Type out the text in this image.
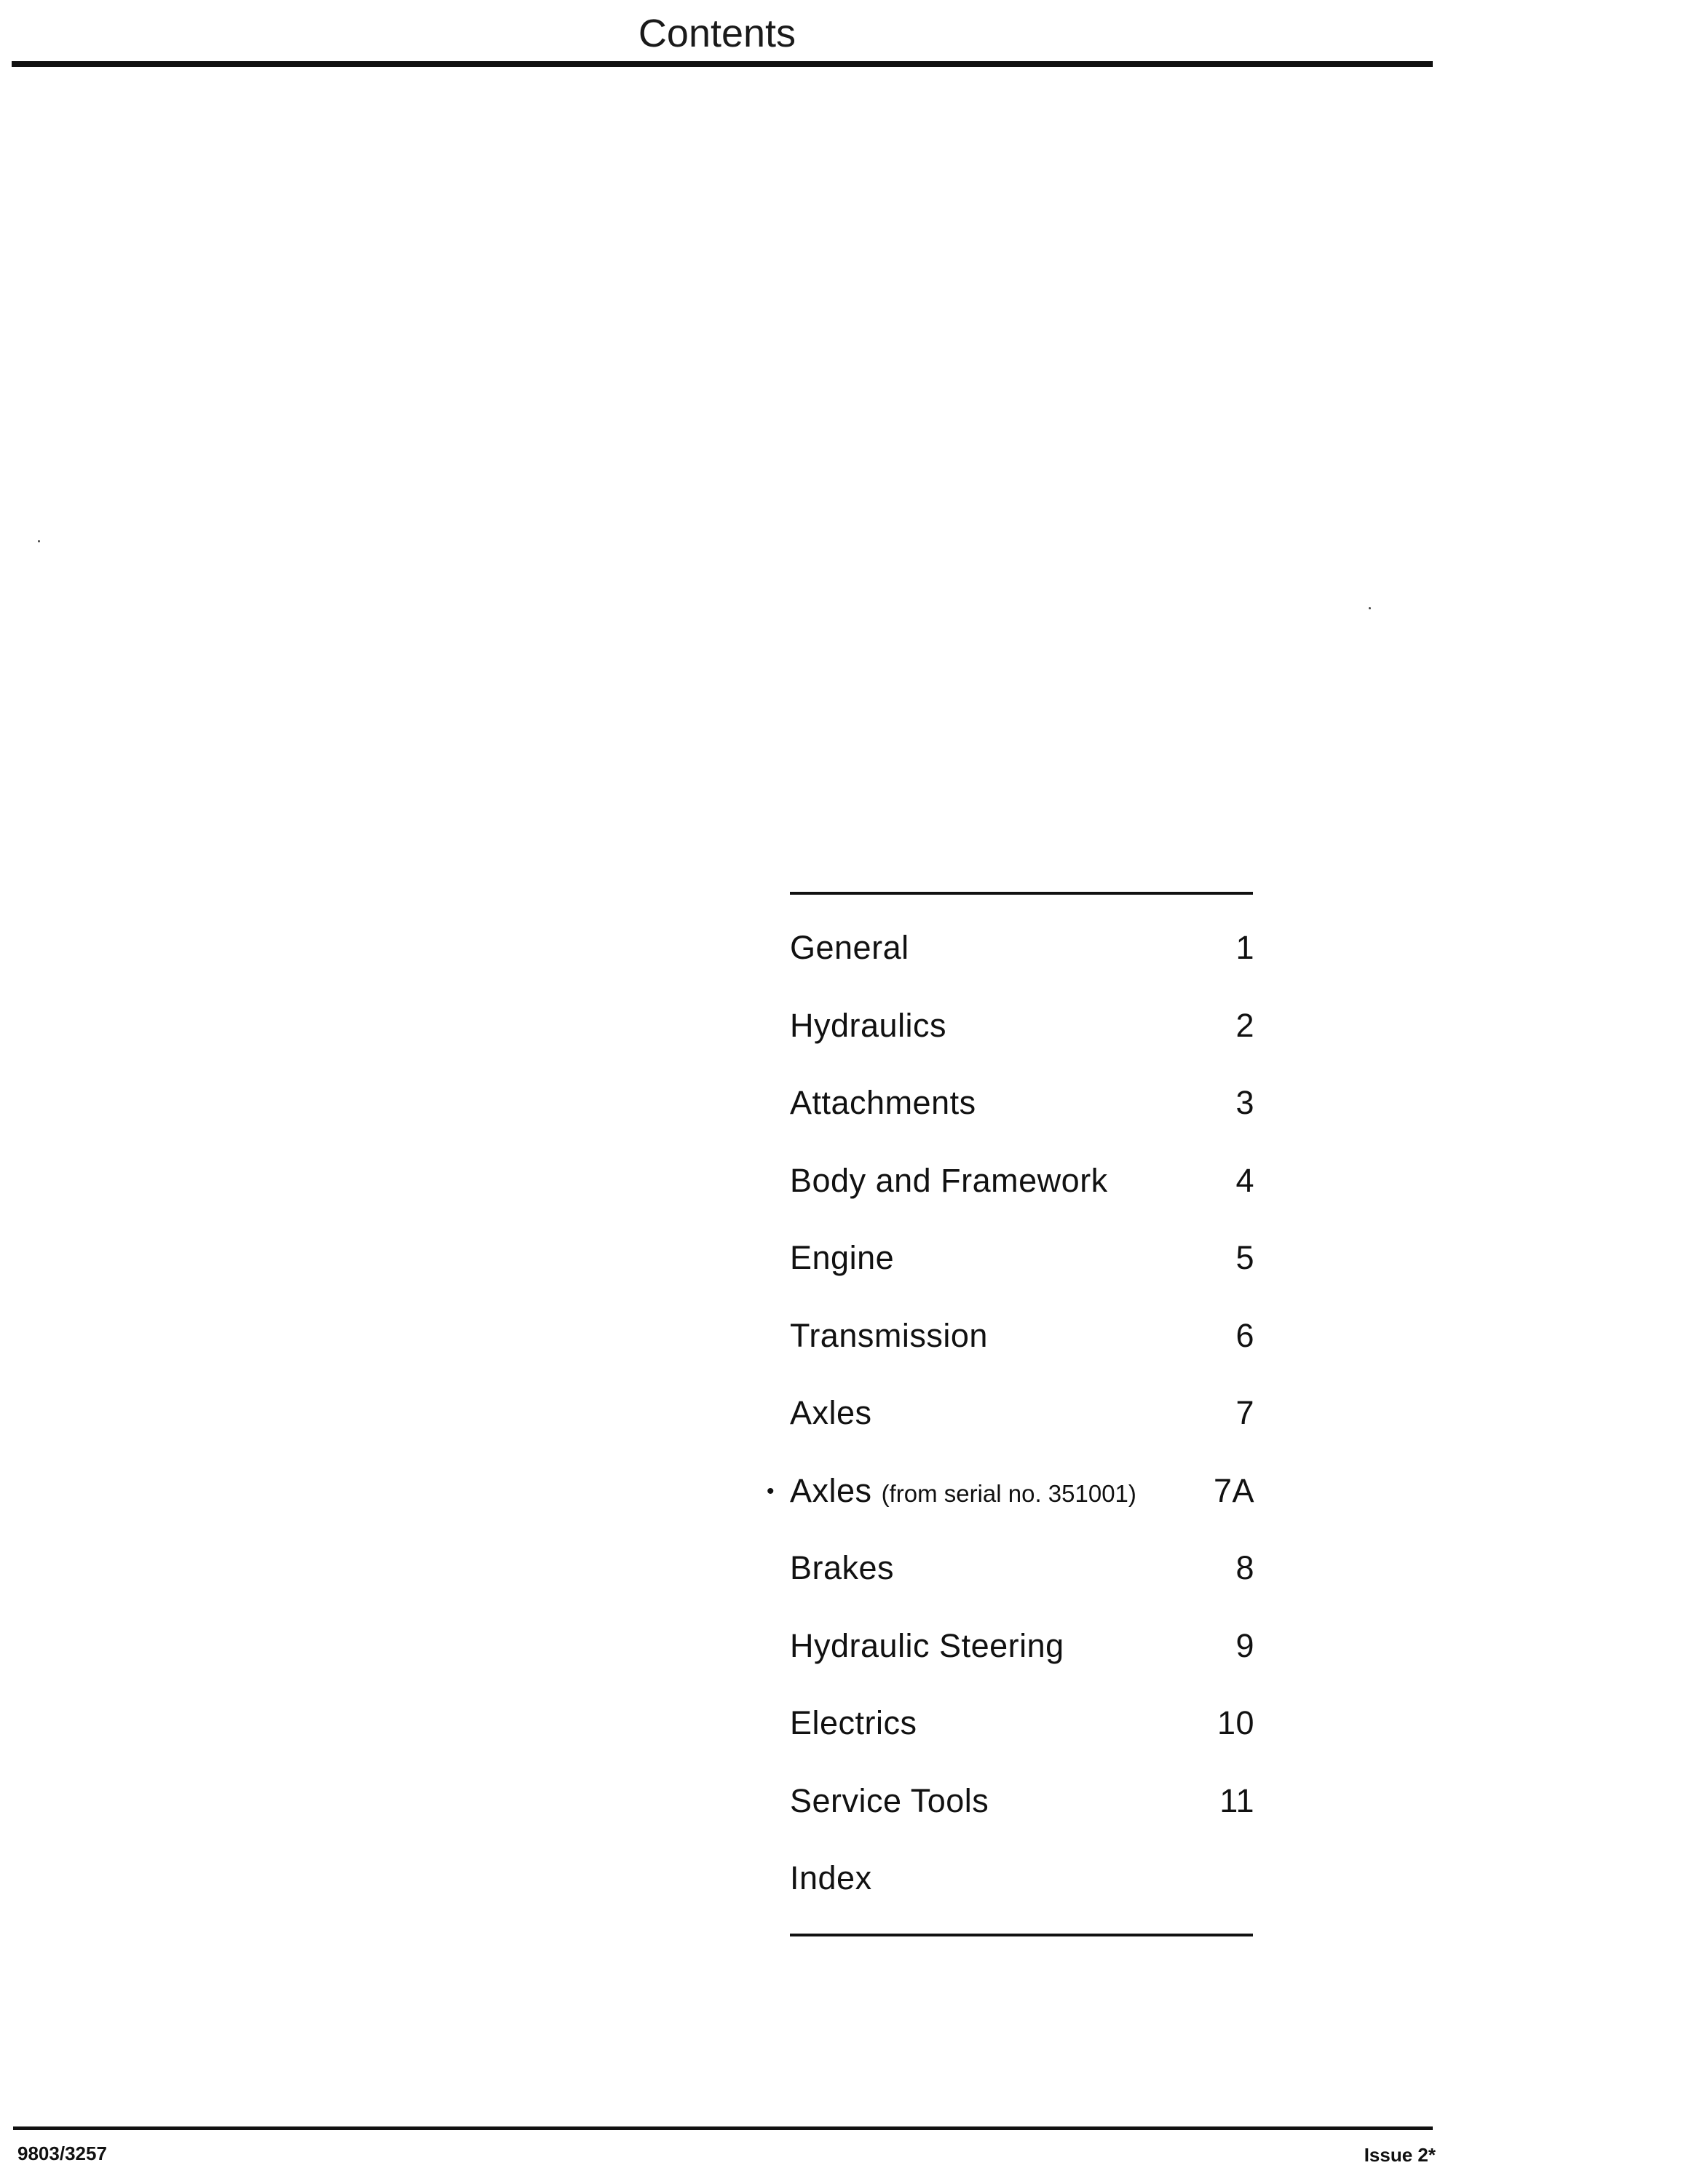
Contents
General	1
Hydraulics	2
Attachments	3
Body and Framework	4
Engine	5
Transmission	6
Axles	7
• Axles (from serial no. 351001) 7A
Brakes	8
Hydraulic Steering	9
Electrics	10
Service Tools	11
Index
9803/3257	Issue 2*
